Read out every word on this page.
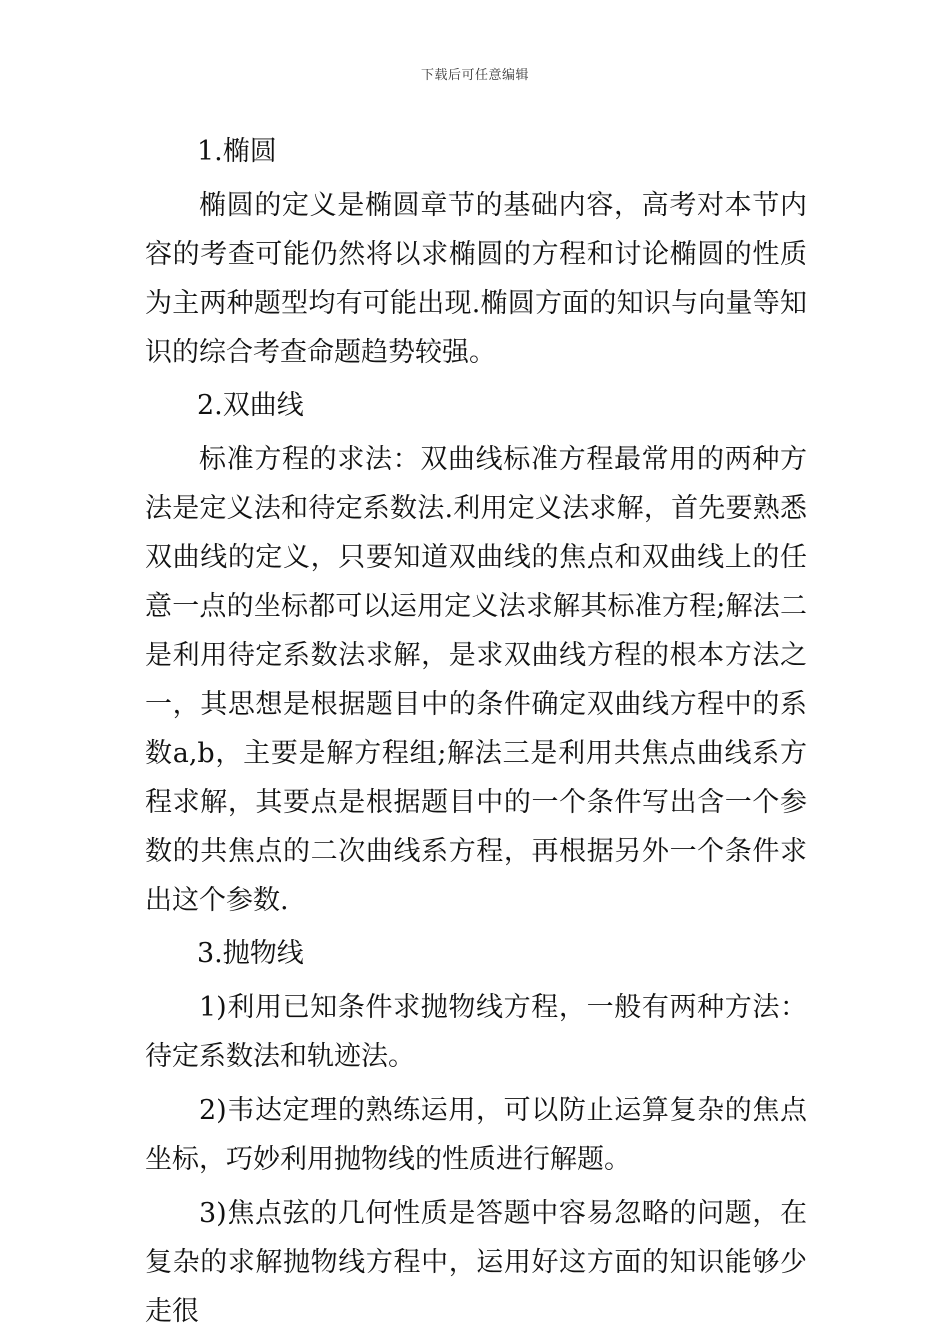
下载后可任意编辑

1.椭圆

椭圆的定义是椭圆章节的基础内容，高考对本节内容的考查可能仍然将以求椭圆的方程和讨论椭圆的性质为主两种题型均有可能出现.椭圆方面的知识与向量等知识的综合考查命题趋势较强。

2.双曲线

标准方程的求法：双曲线标准方程最常用的两种方法是定义法和待定系数法.利用定义法求解，首先要熟悉双曲线的定义，只要知道双曲线的焦点和双曲线上的任意一点的坐标都可以运用定义法求解其标准方程;解法二是利用待定系数法求解，是求双曲线方程的根本方法之一，其思想是根据题目中的条件确定双曲线方程中的系数a,b，主要是解方程组;解法三是利用共焦点曲线系方程求解，其要点是根据题目中的一个条件写出含一个参数的共焦点的二次曲线系方程，再根据另外一个条件求出这个参数.

3.抛物线

1)利用已知条件求抛物线方程，一般有两种方法：待定系数法和轨迹法。

2)韦达定理的熟练运用，可以防止运算复杂的焦点坐标，巧妙利用抛物线的性质进行解题。

3)焦点弦的几何性质是答题中容易忽略的问题，在复杂的求解抛物线方程中，运用好这方面的知识能够少走很
